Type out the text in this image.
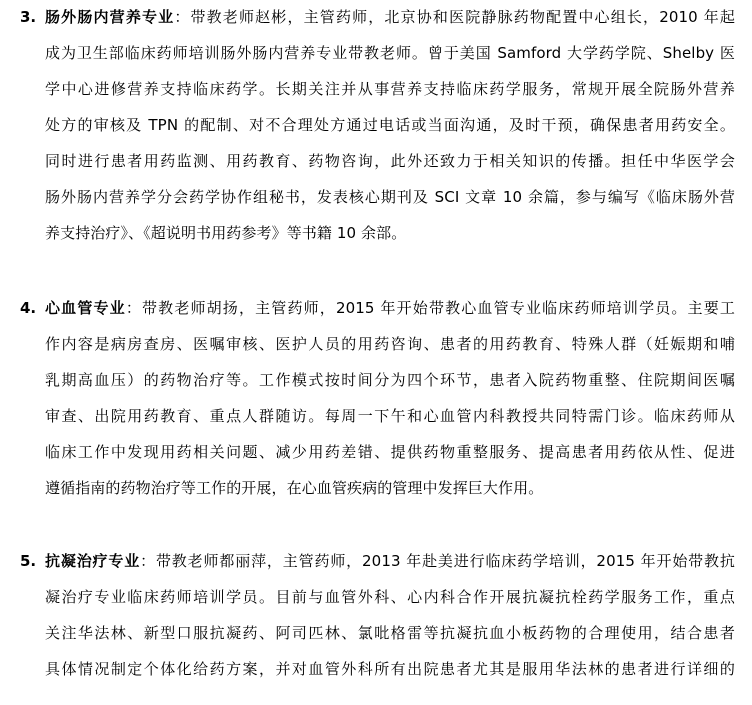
3. 肠外肠内营养专业：带教老师赵彬，主管药师，北京协和医院静脉药物配置中心组长，2010 年起
成为卫生部临床药师培训肠外肠内营养专业带教老师。曾于美国 Samford 大学药学院、Shelby 医
学中心进修营养支持临床药学。长期关注并从事营养支持临床药学服务，常规开展全院肠外营养
处方的审核及 TPN 的配制、对不合理处方通过电话或当面沟通，及时干预，确保患者用药安全。
同时进行患者用药监测、用药教育、药物咨询，此外还致力于相关知识的传播。担任中华医学会
肠外肠内营养学分会药学协作组秘书，发表核心期刊及 SCI 文章 10 余篇，参与编写《临床肠外营
养支持治疗》、《超说明书用药参考》等书籍 10 余部。
4. 心血管专业：带教老师胡扬，主管药师，2015 年开始带教心血管专业临床药师培训学员。主要工
作内容是病房查房、医嘱审核、医护人员的用药咨询、患者的用药教育、特殊人群（妊娠期和哺
乳期高血压）的药物治疗等。工作模式按时间分为四个环节，患者入院药物重整、住院期间医嘱
审查、出院用药教育、重点人群随访。每周一下午和心血管内科教授共同特需门诊。临床药师从
临床工作中发现用药相关问题、减少用药差错、提供药物重整服务、提高患者用药依从性、促进
遵循指南的药物治疗等工作的开展，在心血管疾病的管理中发挥巨大作用。
5. 抗凝治疗专业：带教老师都丽萍，主管药师，2013 年赴美进行临床药学培训，2015 年开始带教抗
凝治疗专业临床药师培训学员。目前与血管外科、心内科合作开展抗凝抗栓药学服务工作，重点
关注华法林、新型口服抗凝药、阿司匹林、氯吡格雷等抗凝抗血小板药物的合理使用，结合患者
具体情况制定个体化给药方案，并对血管外科所有出院患者尤其是服用华法林的患者进行详细的
